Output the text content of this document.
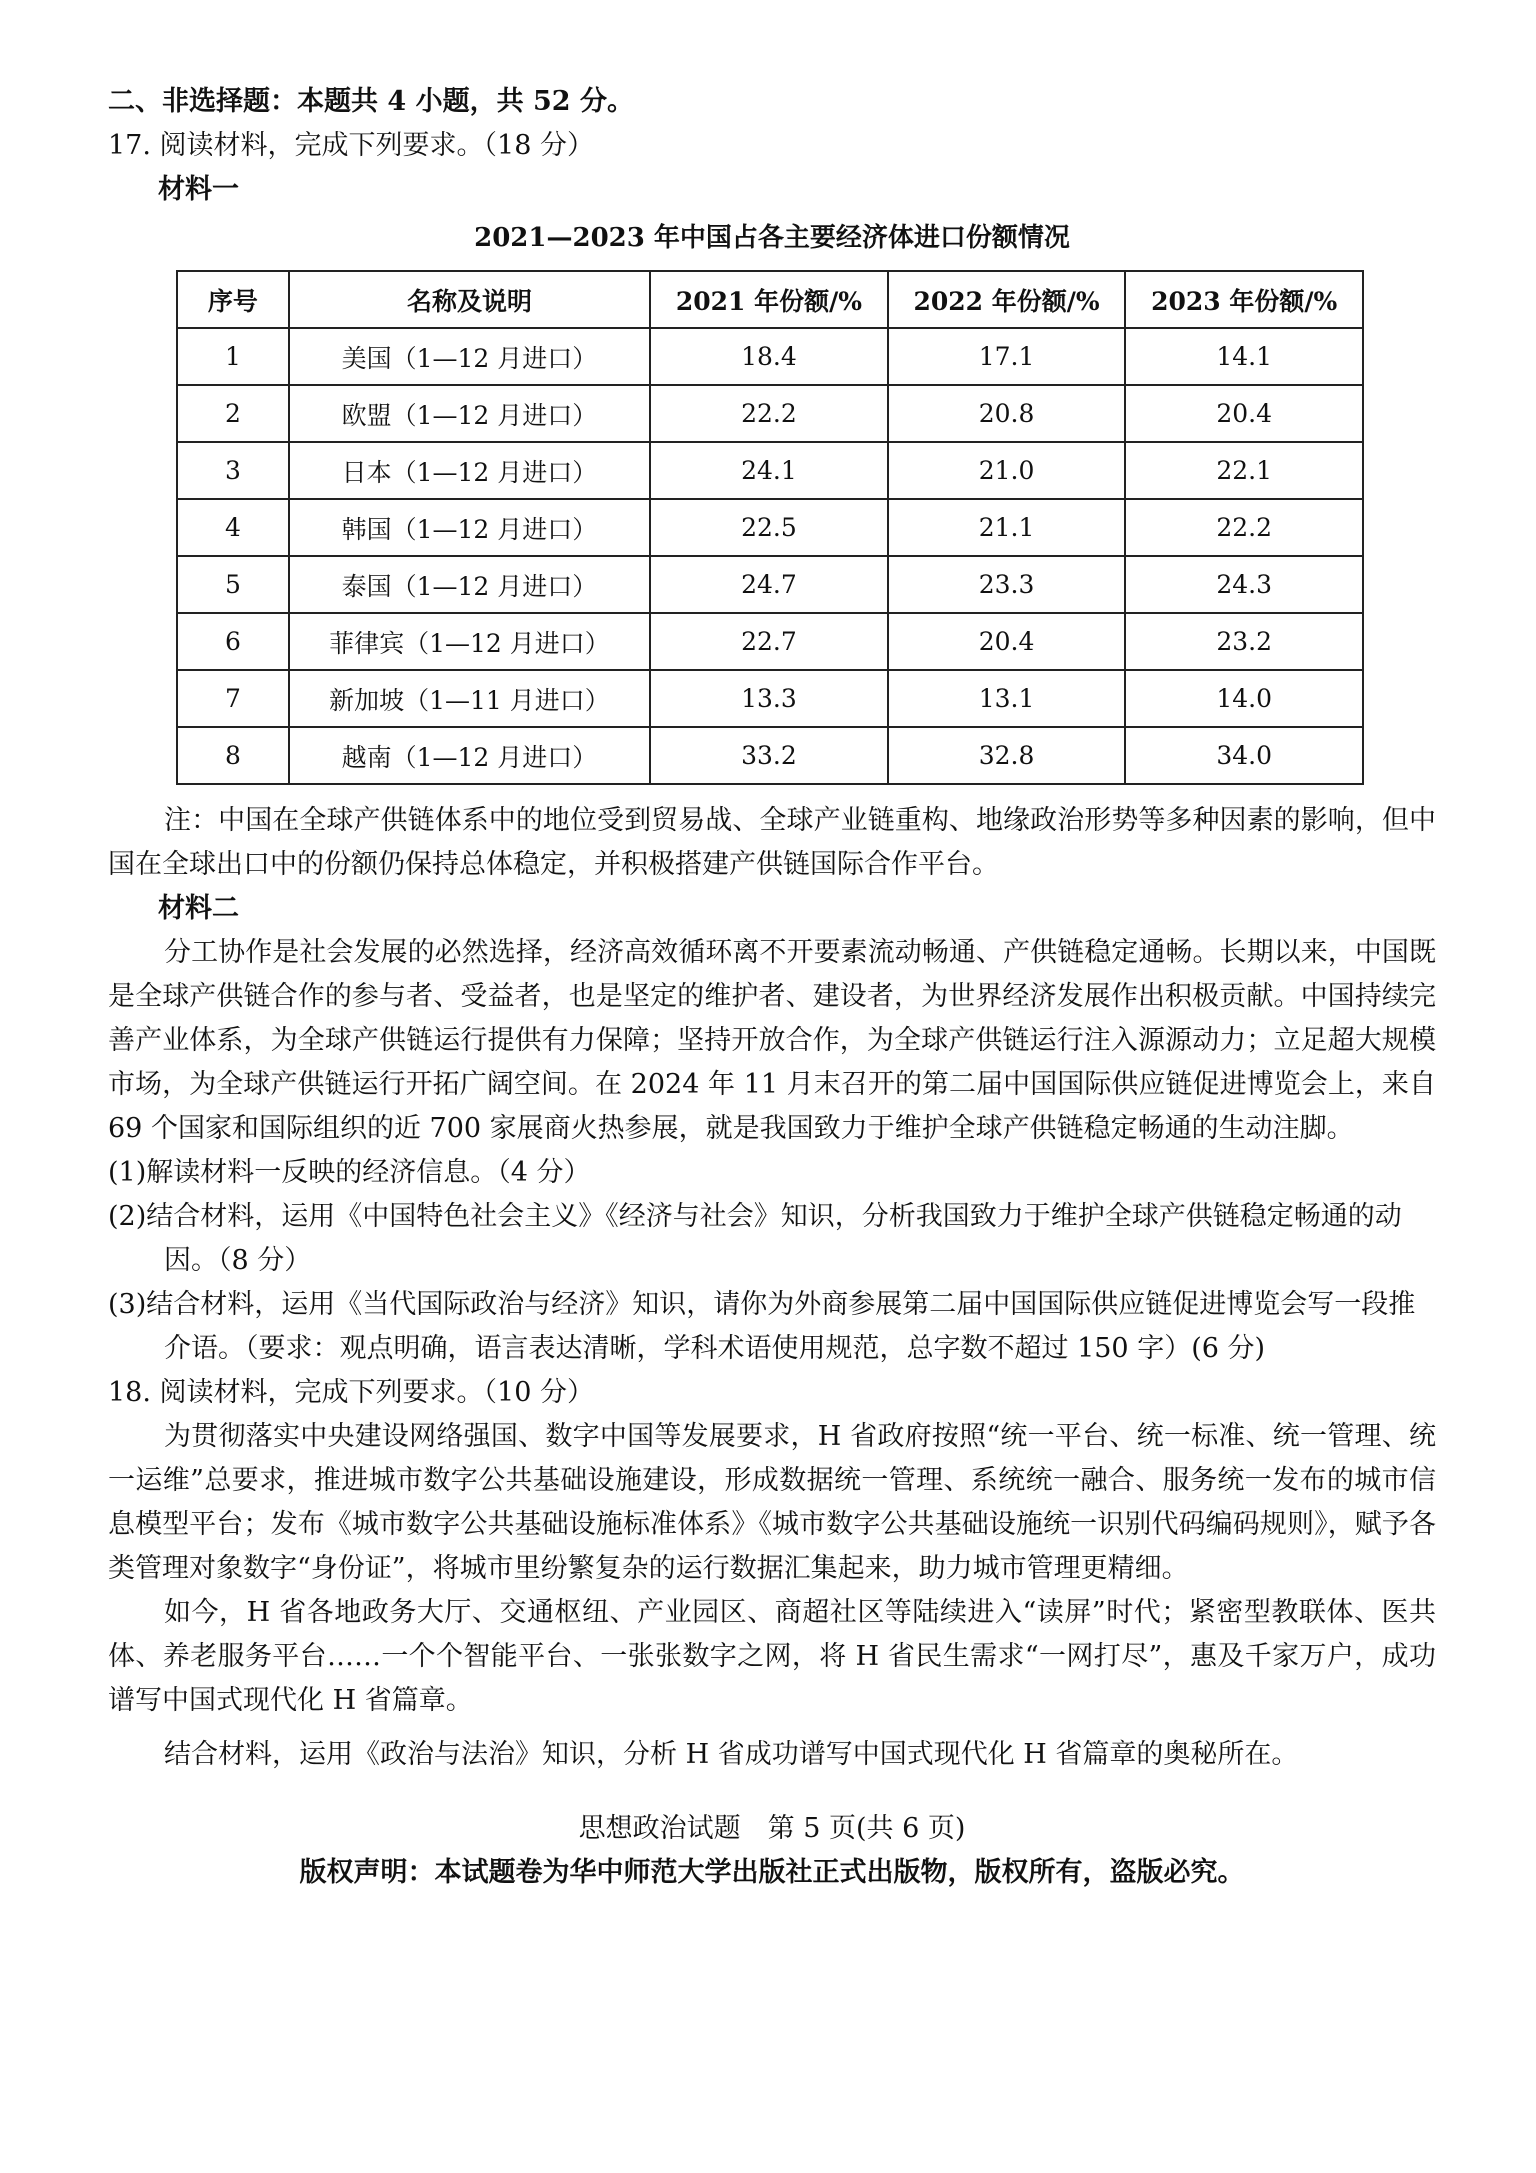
二、非选择题：本题共 4 小题，共 52 分。

17. 阅读材料，完成下列要求。（18 分）

材料一

2021—2023 年中国占各主要经济体进口份额情况
序号	名称及说明	2021 年份额/%	2022 年份额/%	2023 年份额/%
1	美国（1—12 月进口）	18.4	17.1	14.1
2	欧盟（1—12 月进口）	22.2	20.8	20.4
3	日本（1—12 月进口）	24.1	21.0	22.1
4	韩国（1—12 月进口）	22.5	21.1	22.2
5	泰国（1—12 月进口）	24.7	23.3	24.3
6	菲律宾（1—12 月进口）	22.7	20.4	23.2
7	新加坡（1—11 月进口）	13.3	13.1	14.0
8	越南（1—12 月进口）	33.2	32.8	34.0

注：中国在全球产供链体系中的地位受到贸易战、全球产业链重构、地缘政治形势等多种因素的影响，但中国在全球出口中的份额仍保持总体稳定，并积极搭建产供链国际合作平台。

材料二

分工协作是社会发展的必然选择，经济高效循环离不开要素流动畅通、产供链稳定通畅。长期以来，中国既是全球产供链合作的参与者、受益者，也是坚定的维护者、建设者，为世界经济发展作出积极贡献。中国持续完善产业体系，为全球产供链运行提供有力保障；坚持开放合作，为全球产供链运行注入源源动力；立足超大规模市场，为全球产供链运行开拓广阔空间。在 2024 年 11 月末召开的第二届中国国际供应链促进博览会上，来自 69 个国家和国际组织的近 700 家展商火热参展，就是我国致力于维护全球产供链稳定畅通的生动注脚。

(1)解读材料一反映的经济信息。（4 分）

(2)结合材料，运用《中国特色社会主义》《经济与社会》知识，分析我国致力于维护全球产供链稳定畅通的动因。（8 分）

(3)结合材料，运用《当代国际政治与经济》知识，请你为外商参展第二届中国国际供应链促进博览会写一段推介语。（要求：观点明确，语言表达清晰，学科术语使用规范，总字数不超过 150 字）(6 分)

18. 阅读材料，完成下列要求。（10 分）

为贯彻落实中央建设网络强国、数字中国等发展要求，H 省政府按照“统一平台、统一标准、统一管理、统一运维”总要求，推进城市数字公共基础设施建设，形成数据统一管理、系统统一融合、服务统一发布的城市信息模型平台；发布《城市数字公共基础设施标准体系》《城市数字公共基础设施统一识别代码编码规则》，赋予各类管理对象数字“身份证”，将城市里纷繁复杂的运行数据汇集起来，助力城市管理更精细。

如今，H 省各地政务大厅、交通枢纽、产业园区、商超社区等陆续进入“读屏”时代；紧密型教联体、医共体、养老服务平台……一个个智能平台、一张张数字之网，将 H 省民生需求“一网打尽”，惠及千家万户，成功谱写中国式现代化 H 省篇章。

结合材料，运用《政治与法治》知识，分析 H 省成功谱写中国式现代化 H 省篇章的奥秘所在。

思想政治试题　第 5 页(共 6 页)

版权声明：本试题卷为华中师范大学出版社正式出版物，版权所有，盗版必究。
